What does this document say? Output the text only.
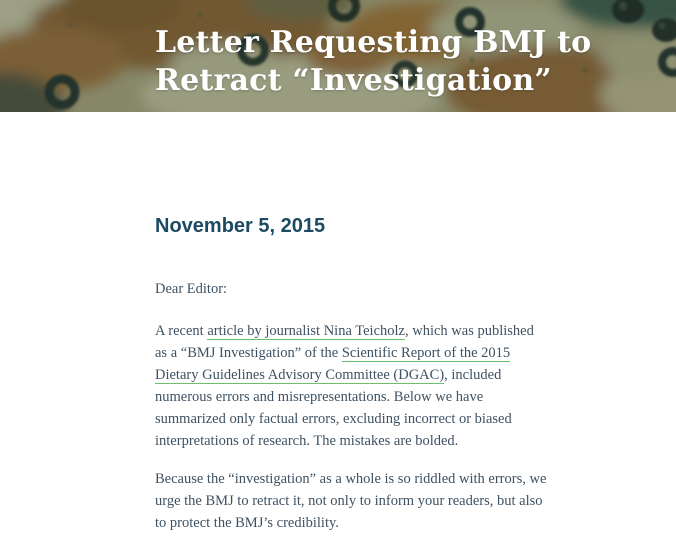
Letter Requesting BMJ to Retract “Investigation”
November 5, 2015

Dear Editor:

A recent article by journalist Nina Teicholz, which was published as a “BMJ Investigation” of the Scientific Report of the 2015 Dietary Guidelines Advisory Committee (DGAC), included numerous errors and misrepresentations. Below we have summarized only factual errors, excluding incorrect or biased interpretations of research. The mistakes are bolded.

Because the “investigation” as a whole is so riddled with errors, we urge the BMJ to retract it, not only to inform your readers, but also to protect the BMJ’s credibility.
